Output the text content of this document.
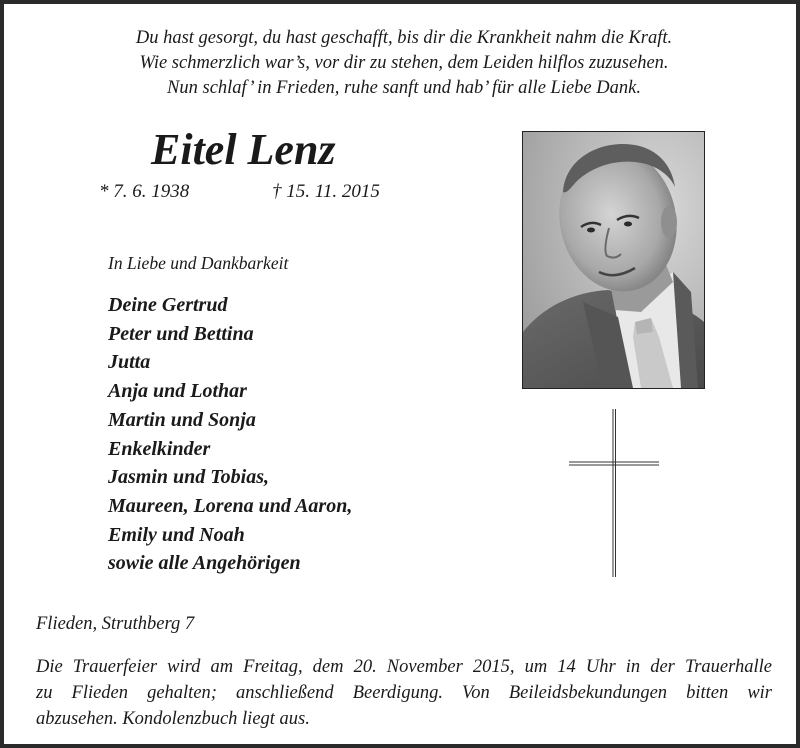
Du hast gesorgt, du hast geschafft, bis dir die Krankheit nahm die Kraft.
Wie schmerzlich war’s, vor dir zu stehen, dem Leiden hilflos zuzusehen.
Nun schlaf’ in Frieden, ruhe sanft und hab’ für alle Liebe Dank.
Eitel Lenz
* 7. 6. 1938	† 15. 11. 2015
In Liebe und Dankbarkeit
Deine Gertrud
Peter und Bettina
Jutta
Anja und Lothar
Martin und Sonja
Enkelkinder
Jasmin und Tobias,
Maureen, Lorena und Aaron,
Emily und Noah
sowie alle Angehörigen
Flieden, Struthberg 7
Die Trauerfeier wird am Freitag, dem 20. November 2015, um 14 Uhr in der Trauerhalle
zu Flieden gehalten; anschließend Beerdigung. Von Beileidsbekundungen bitten wir
abzusehen. Kondolenzbuch liegt aus.
